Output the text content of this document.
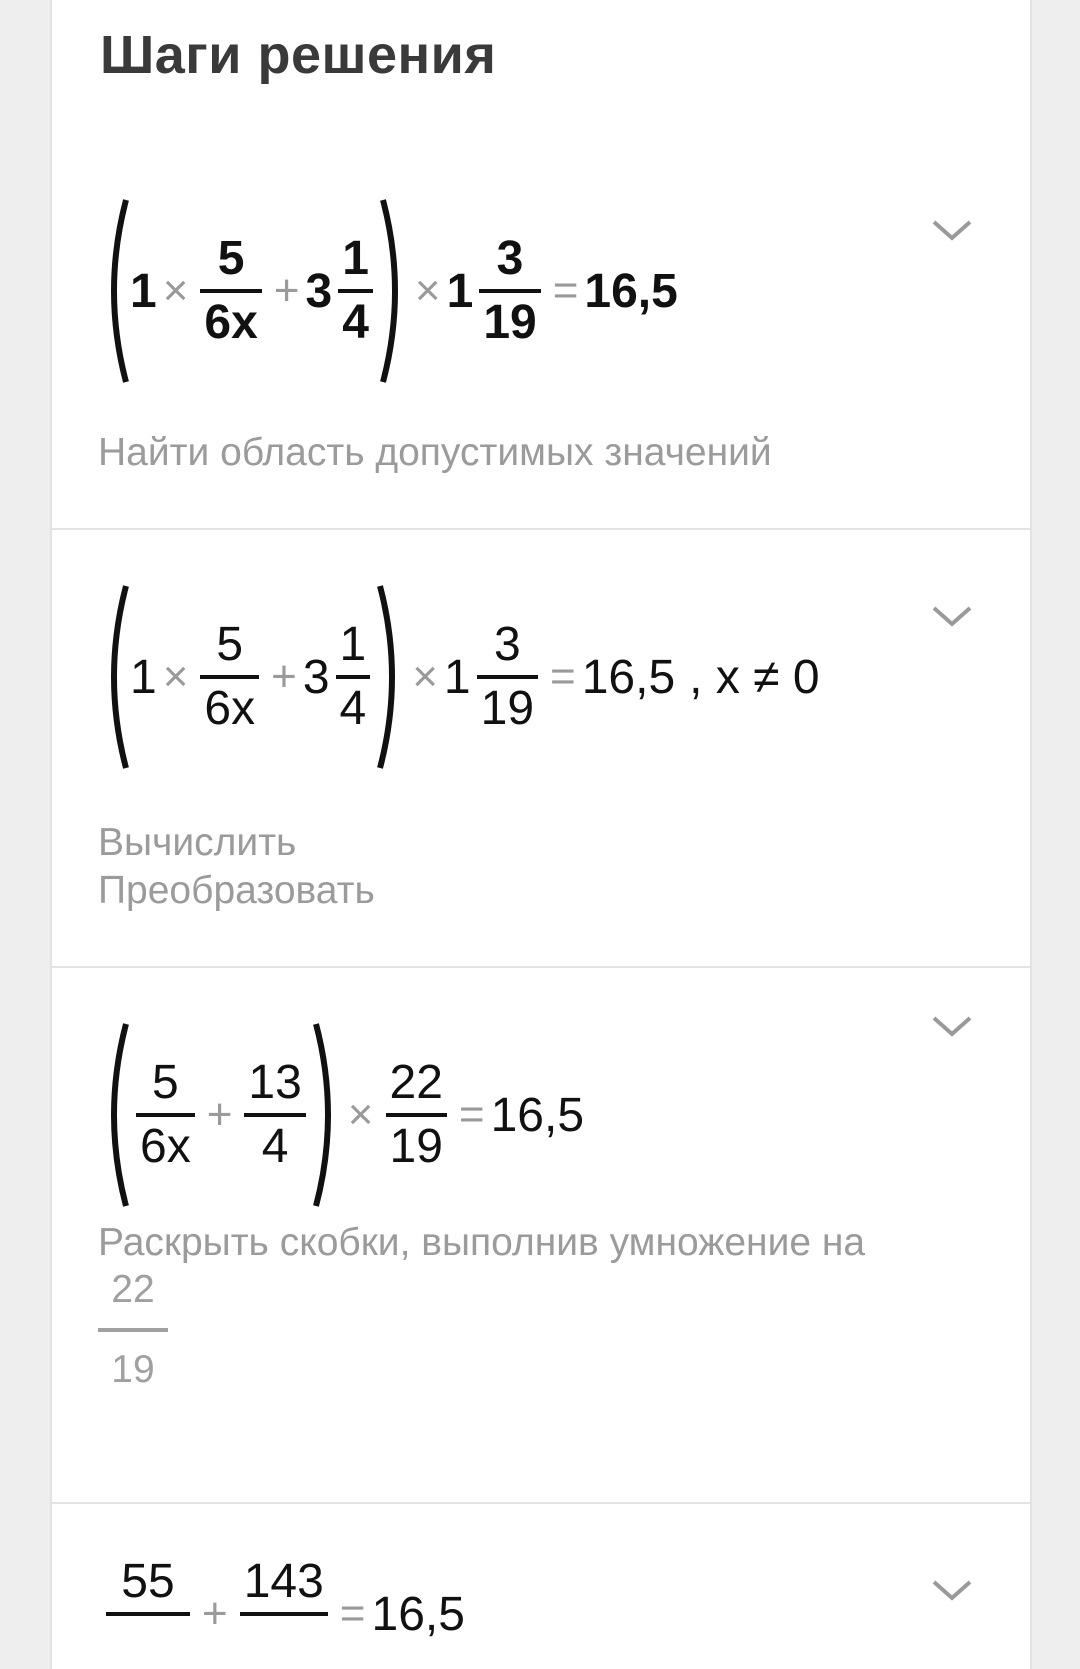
Шаги решения
$1 \times \frac{5}{6x} + 3 \frac{1}{4} \times 1 \frac{3}{19} = 16,5$
Найти область допустимых значений
$1 \times \frac{5}{6x} + 3 \frac{1}{4} \times 1 \frac{3}{19} = 16,5$ , x ≠ 0
Вычислить
Преобразовать
$\frac{5}{6x} + \frac{13}{4} \times \frac{22}{19} = 16,5$
Раскрыть скобки, выполнив умножение на
22
19
55

+
143

= 16,5
